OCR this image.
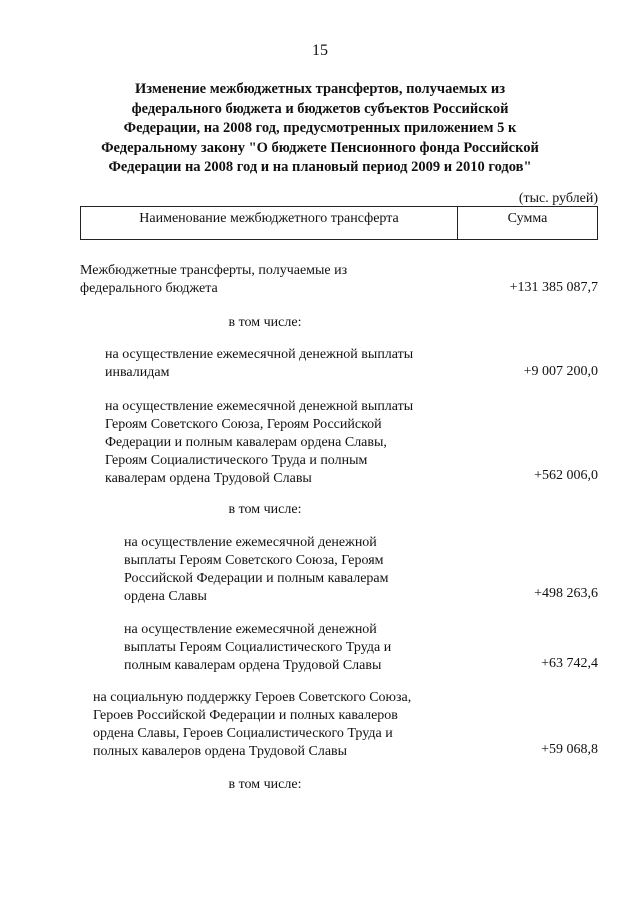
15
Изменение межбюджетных трансфертов, получаемых из
федерального бюджета и бюджетов субъектов Российской
Федерации, на 2008 год, предусмотренных приложением 5 к
Федеральному закону "О бюджете Пенсионного фонда Российской
Федерации на 2008 год и на плановый период 2009 и 2010 годов"
(тыс. рублей)
Наименование межбюджетного трансферта	Сумма
Межбюджетные трансферты, получаемые из
федерального бюджета	+131 385 087,7
в том числе:
на осуществление ежемесячной денежной выплаты
инвалидам	+9 007 200,0
на осуществление ежемесячной денежной выплаты
Героям Советского Союза, Героям Российской
Федерации и полным кавалерам ордена Славы,
Героям Социалистического Труда и полным
кавалерам ордена Трудовой Славы	+562 006,0
в том числе:
на осуществление ежемесячной денежной
выплаты Героям Советского Союза, Героям
Российской Федерации и полным кавалерам
ордена Славы	+498 263,6
на осуществление ежемесячной денежной
выплаты Героям Социалистического Труда и
полным кавалерам ордена Трудовой Славы	+63 742,4
на социальную поддержку Героев Советского Союза,
Героев Российской Федерации и полных кавалеров
ордена Славы, Героев Социалистического Труда и
полных кавалеров ордена Трудовой Славы	+59 068,8
в том числе:
